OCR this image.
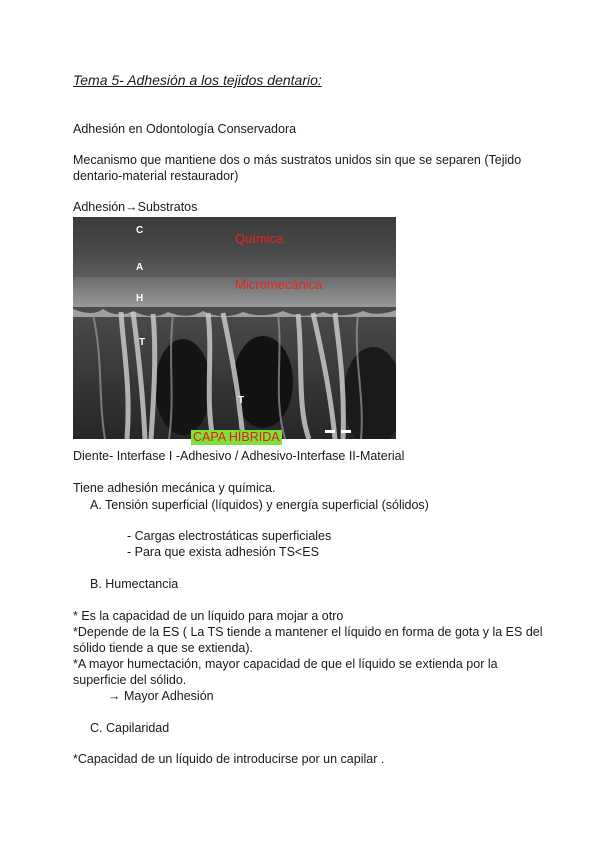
Tema 5- Adhesión a los tejidos dentario:
Adhesión en Odontología Conservadora
Mecanismo que mantiene dos o más sustratos unidos sin que se separen (Tejido
dentario-material restaurador)
Adhesión→Substratos
C
A
H
T
T
Química
Micromecánica
CAPA HÍBRIDA
Diente- Interfase I -Adhesivo / Adhesivo-Interfase II-Material
Tiene adhesión mecánica y química.
A. Tensión superficial (líquidos) y energía superficial (sólidos)
- Cargas electrostáticas superficiales
- Para que exista adhesión TS<ES
B. Humectancia
* Es la capacidad de un líquido para mojar a otro
*Depende de la ES ( La TS tiende a mantener el líquido en forma de gota y la ES del
sólido tiende a que se extienda).
*A mayor humectación, mayor capacidad de que el líquido se extienda por la
superficie del sólido.
→ Mayor Adhesión
C. Capilaridad
*Capacidad de un líquido de introducirse por un capilar .
